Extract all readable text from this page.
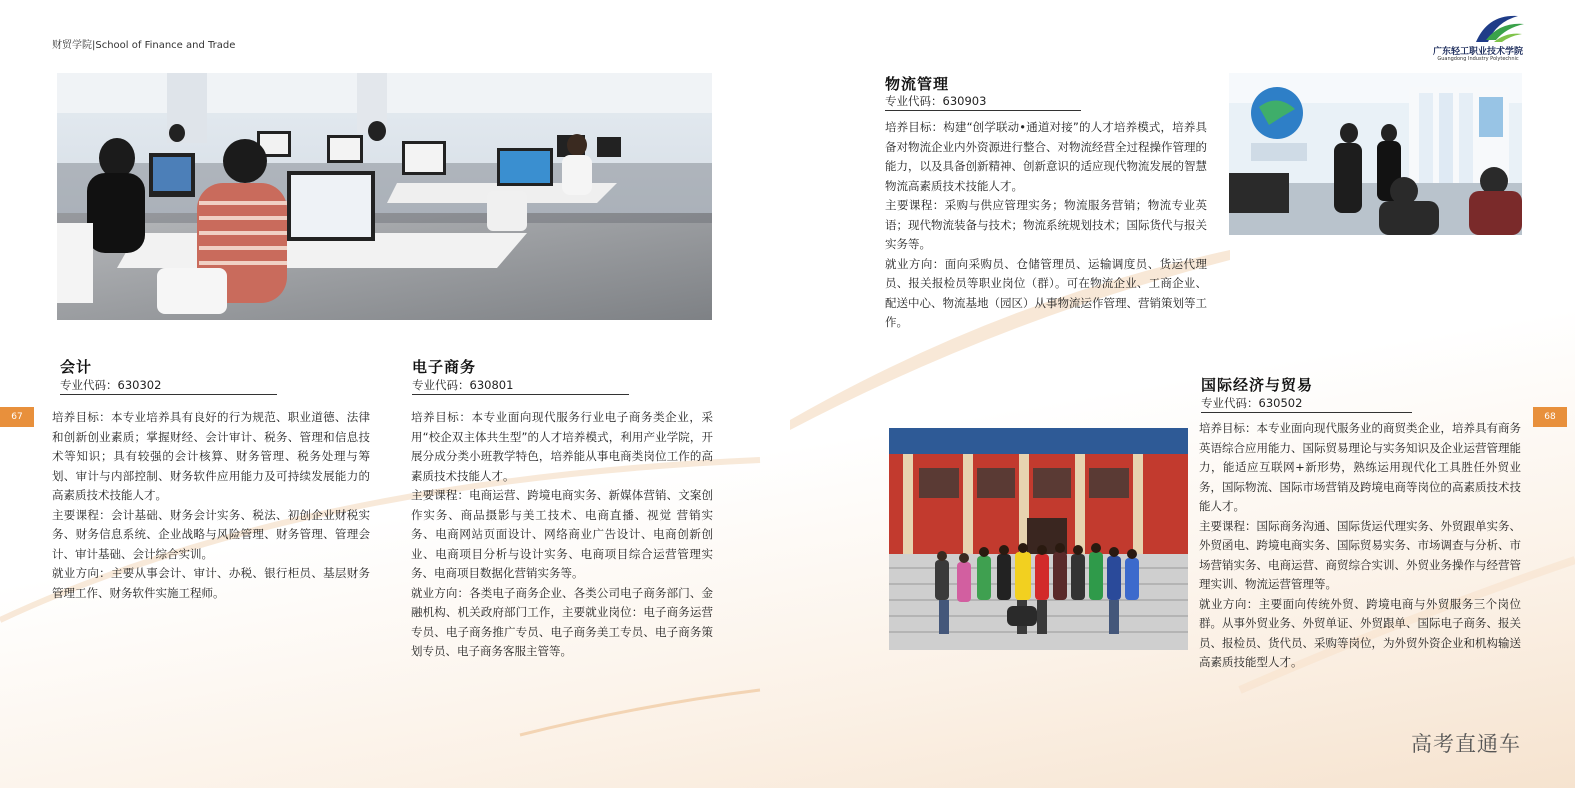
财贸学院|School of Finance and Trade
广东轻工职业技术学院
Guangdong Industry Polytechnic
67	68
会计
专业代码：630302

培养目标：本专业培养具有良好的行为规范、职业道德、法律和创新创业素质；掌握财经、会计审计、税务、管理和信息技术等知识；具有较强的会计核算、财务管理、税务处理与筹划、审计与内部控制、财务软件应用能力及可持续发展能力的高素质技术技能人才。

主要课程：会计基础、财务会计实务、税法、初创企业财税实务、财务信息系统、企业战略与风险管理、财务管理、管理会计、审计基础、会计综合实训。

就业方向：主要从事会计、审计、办税、银行柜员、基层财务管理工作、财务软件实施工程师。

电子商务
专业代码：630801

培养目标：本专业面向现代服务行业电子商务类企业，采用“校企双主体共生型”的人才培养模式，利用产业学院，开展分成分类小班教学特色，培养能从事电商类岗位工作的高素质技术技能人才。

主要课程：电商运营、跨境电商实务、新媒体营销、文案创作实务、商品摄影与美工技术、电商直播、视觉 营销实务、电商网站页面设计、网络商业广告设计、电商创新创业、电商项目分析与设计实务、电商项目综合运营管理实务、电商项目数据化营销实务等。

就业方向：各类电子商务企业、各类公司电子商务部门、金融机构、机关政府部门工作，主要就业岗位：电子商务运营专员、电子商务推广专员、电子商务美工专员、电子商务策划专员、电子商务客服主管等。

物流管理
专业代码：630903

培养目标：构建“创学联动•通道对接”的人才培养模式，培养具备对物流企业内外资源进行整合、对物流经营全过程操作管理的能力，以及具备创新精神、创新意识的适应现代物流发展的智慧物流高素质技术技能人才。

主要课程：采购与供应管理实务；物流服务营销；物流专业英语；现代物流装备与技术；物流系统规划技术；国际货代与报关实务等。

就业方向：面向采购员、仓储管理员、运输调度员、货运代理员、报关报检员等职业岗位（群）。可在物流企业、工商企业、配送中心、物流基地（园区）从事物流运作管理、营销策划等工作。

国际经济与贸易
专业代码：630502

培养目标：本专业面向现代服务业的商贸类企业，培养具有商务英语综合应用能力、国际贸易理论与实务知识及企业运营管理能力，能适应互联网+新形势，熟练运用现代化工具胜任外贸业务，国际物流、国际市场营销及跨境电商等岗位的高素质技术技能人才。

主要课程：国际商务沟通、国际货运代理实务、外贸跟单实务、外贸函电、跨境电商实务、国际贸易实务、市场调查与分析、市场营销实务、电商运营、商贸综合实训、外贸业务操作与经营管理实训、物流运营管理等。

就业方向：主要面向传统外贸、跨境电商与外贸服务三个岗位群。从事外贸业务、外贸单证、外贸跟单、国际电子商务、报关员、报检员、货代员、采购等岗位，为外贸外资企业和机构输送高素质技能型人才。

高考直通车
